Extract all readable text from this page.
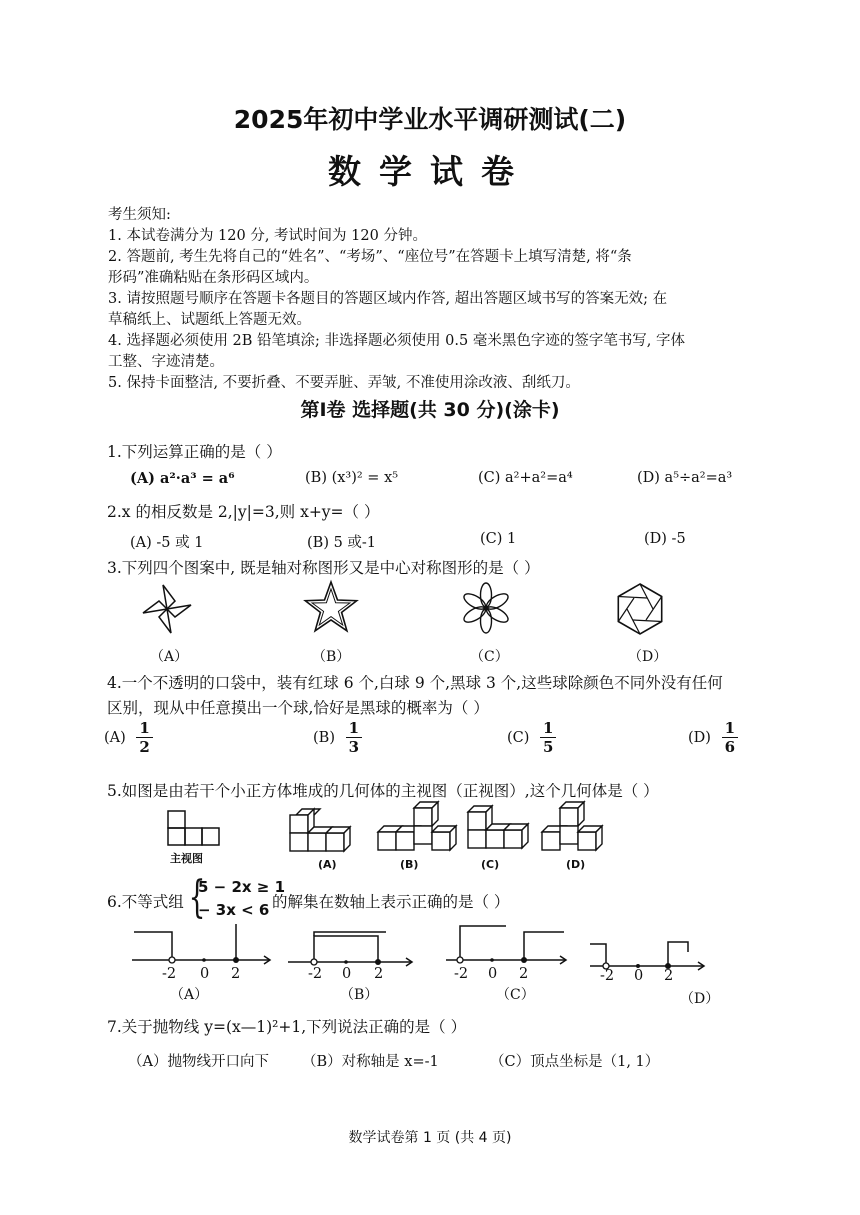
2025年初中学业水平调研测试(二)
数学试卷
考生须知:
1. 本试卷满分为 120 分, 考试时间为 120 分钟。
2. 答题前, 考生先将自己的“姓名”、“考场”、“座位号”在答题卡上填写清楚, 将“条
形码”准确粘贴在条形码区域内。
3. 请按照题号顺序在答题卡各题目的答题区域内作答, 超出答题区域书写的答案无效; 在
草稿纸上、试题纸上答题无效。
4. 选择题必须使用 2B 铅笔填涂; 非选择题必须使用 0.5 毫米黑色字迹的签字笔书写, 字体
工整、字迹清楚。
5. 保持卡面整洁, 不要折叠、不要弄脏、弄皱, 不准使用涂改液、刮纸刀。
第Ⅰ卷 选择题(共 30 分)(涂卡)
1.下列运算正确的是（ ）
(A) a²·a³ = a⁶	(B) (x³)² = x⁵	(C) a²+a²=a⁴	(D) a⁵÷a²=a³
2.x 的相反数是 2,|y|=3,则 x+y=（ ）
(A) -5 或 1	(B) 5 或-1	(C) 1	(D) -5
3.下列四个图案中, 既是轴对称图形又是中心对称图形的是（ ）
（A）	（B）	（C）	（D）
4.一个不透明的口袋中，装有红球 6 个,白球 9 个,黑球 3 个,这些球除颜色不同外没有任何
区别，现从中任意摸出一个球,恰好是黑球的概率为（ ）
$(A) \frac{1}{2}$	$(B) \frac{1}{3}$	$(C) \frac{1}{5}$	$(D) \frac{1}{6}$
5.如图是由若干个小正方体堆成的几何体的主视图（正视图）,这个几何体是（ ）
主视图	(A)	(B)	(C)	(D)
6.不等式组 {
5 − 2x ≥ 1
− 3x < 6 的解集在数轴上表示正确的是（ ）
-2 0 2	-2 0 2	-2 0 2	-2 0 2
（A）	（B）	（C）	（D）
7.关于抛物线 y=(x—1)²+1,下列说法正确的是（ ）
（A）抛物线开口向下 （B）对称轴是 x=-1	（C）顶点坐标是（1, 1）
数学试卷第 1 页 (共 4 页)
